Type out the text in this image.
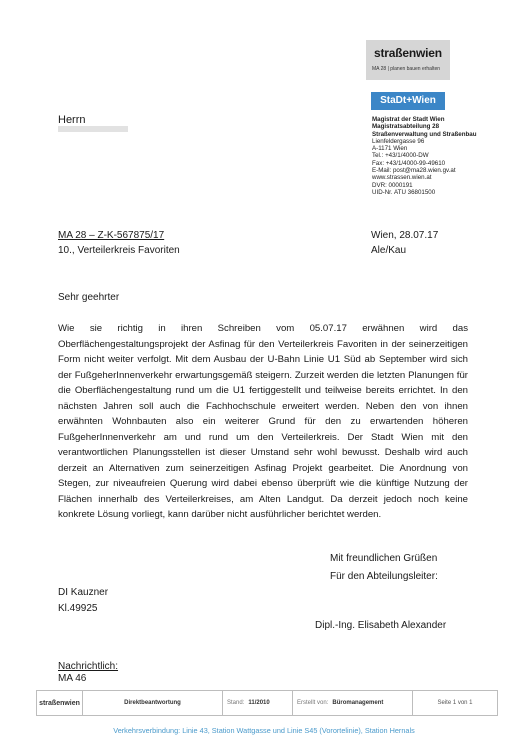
straßenwien
MA 28 | planen bauen erhalten
StaDt+Wien
Herrn	Magistrat der Stadt Wien
Magistratsabteilung 28
Straßenverwaltung und Straßenbau
Lienfeldergasse 96
A-1171 Wien
Tel.: +43/1/4000-DW
Fax: +43/1/4000-99-49610
E-Mail: post@ma28.wien.gv.at
www.strassen.wien.at
DVR: 0000191
UID-Nr. ATU 36801500
MA 28 – Z-K-567875/17
10., Verteilerkreis Favoriten
Wien, 28.07.17
Ale/Kau
Sehr geehrter

Wie sie richtig in ihren Schreiben vom 05.07.17 erwähnen wird das Oberflächengestaltungsprojekt der Asfinag für den Verteilerkreis Favoriten in der seinerzeitigen Form nicht weiter verfolgt. Mit dem Ausbau der U-Bahn Linie U1 Süd ab September wird sich der FußgeherInnenverkehr erwartungsgemäß steigern. Zurzeit werden die letzten Planungen für die Oberflächengestaltung rund um die U1 fertiggestellt und teilweise bereits errichtet. In den nächsten Jahren soll auch die Fachhochschule erweitert werden. Neben den von ihnen erwähnten Wohnbauten also ein weiterer Grund für den zu erwartenden höheren FußgeherInnenverkehr am und rund um den Verteilerkreis. Der Stadt Wien mit den verantwortlichen Planungsstellen ist dieser Umstand sehr wohl bewusst. Deshalb wird auch derzeit an Alternativen zum seinerzeitigen Asfinag Projekt gearbeitet. Die Anordnung von Stegen, zur niveaufreien Querung wird dabei ebenso überprüft wie die künftige Nutzung der Flächen innerhalb des Verteilerkreises, am Alten Landgut. Da derzeit jedoch noch keine konkrete Lösung vorliegt, kann darüber nicht ausführlicher berichtet werden.

Mit freundlichen Grüßen
Für den Abteilungsleiter:
DI Kauzner
Kl.49925
Dipl.-Ing. Elisabeth Alexander
Nachrichtlich:
MA 46
straßenwien	Direktbeantwortung	Stand: 11/2010	Erstellt von: Büromanagement	Seite 1 von 1
Verkehrsverbindung: Linie 43, Station Wattgasse und Linie S45 (Vorortelinie), Station Hernals
